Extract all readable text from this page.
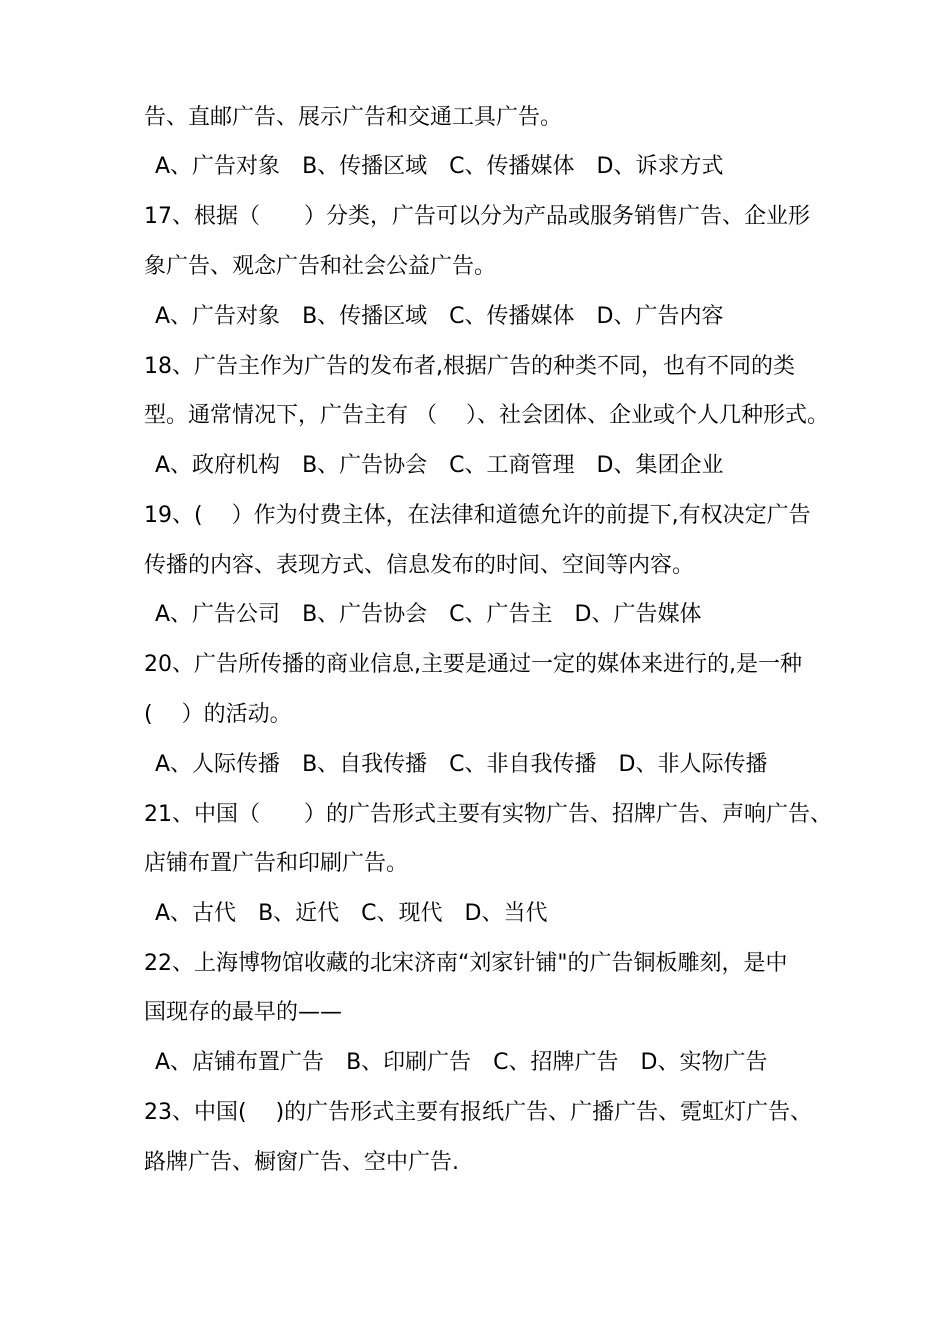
告、直邮广告、展示广告和交通工具广告。
A、广告对象 B、传播区域 C、传播媒体 D、诉求方式
17、根据（　　）分类，广告可以分为产品或服务销售广告、企业形
象广告、观念广告和社会公益广告。
A、广告对象 B、传播区域 C、传播媒体 D、广告内容
18、广告主作为广告的发布者,根据广告的种类不同，也有不同的类
型。通常情况下，广告主有 （　 ）、社会团体、企业或个人几种形式。
A、政府机构 B、广告协会 C、工商管理 D、集团企业
19、(　 ）作为付费主体，在法律和道德允许的前提下,有权决定广告
传播的内容、表现方式、信息发布的时间、空间等内容。
A、广告公司 B、广告协会 C、广告主 D、广告媒体
20、广告所传播的商业信息,主要是通过一定的媒体来进行的,是一种
(　 ）的活动。
A、人际传播 B、自我传播 C、非自我传播 D、非人际传播
21、中国（　　）的广告形式主要有实物广告、招牌广告、声响广告、
店铺布置广告和印刷广告。
A、古代 B、近代 C、现代 D、当代
22、上海博物馆收藏的北宋济南“刘家针铺"的广告铜板雕刻，是中
国现存的最早的——
A、店铺布置广告 B、印刷广告 C、招牌广告 D、实物广告
23、中国(　 )的广告形式主要有报纸广告、广播广告、霓虹灯广告、
路牌广告、橱窗广告、空中广告.
